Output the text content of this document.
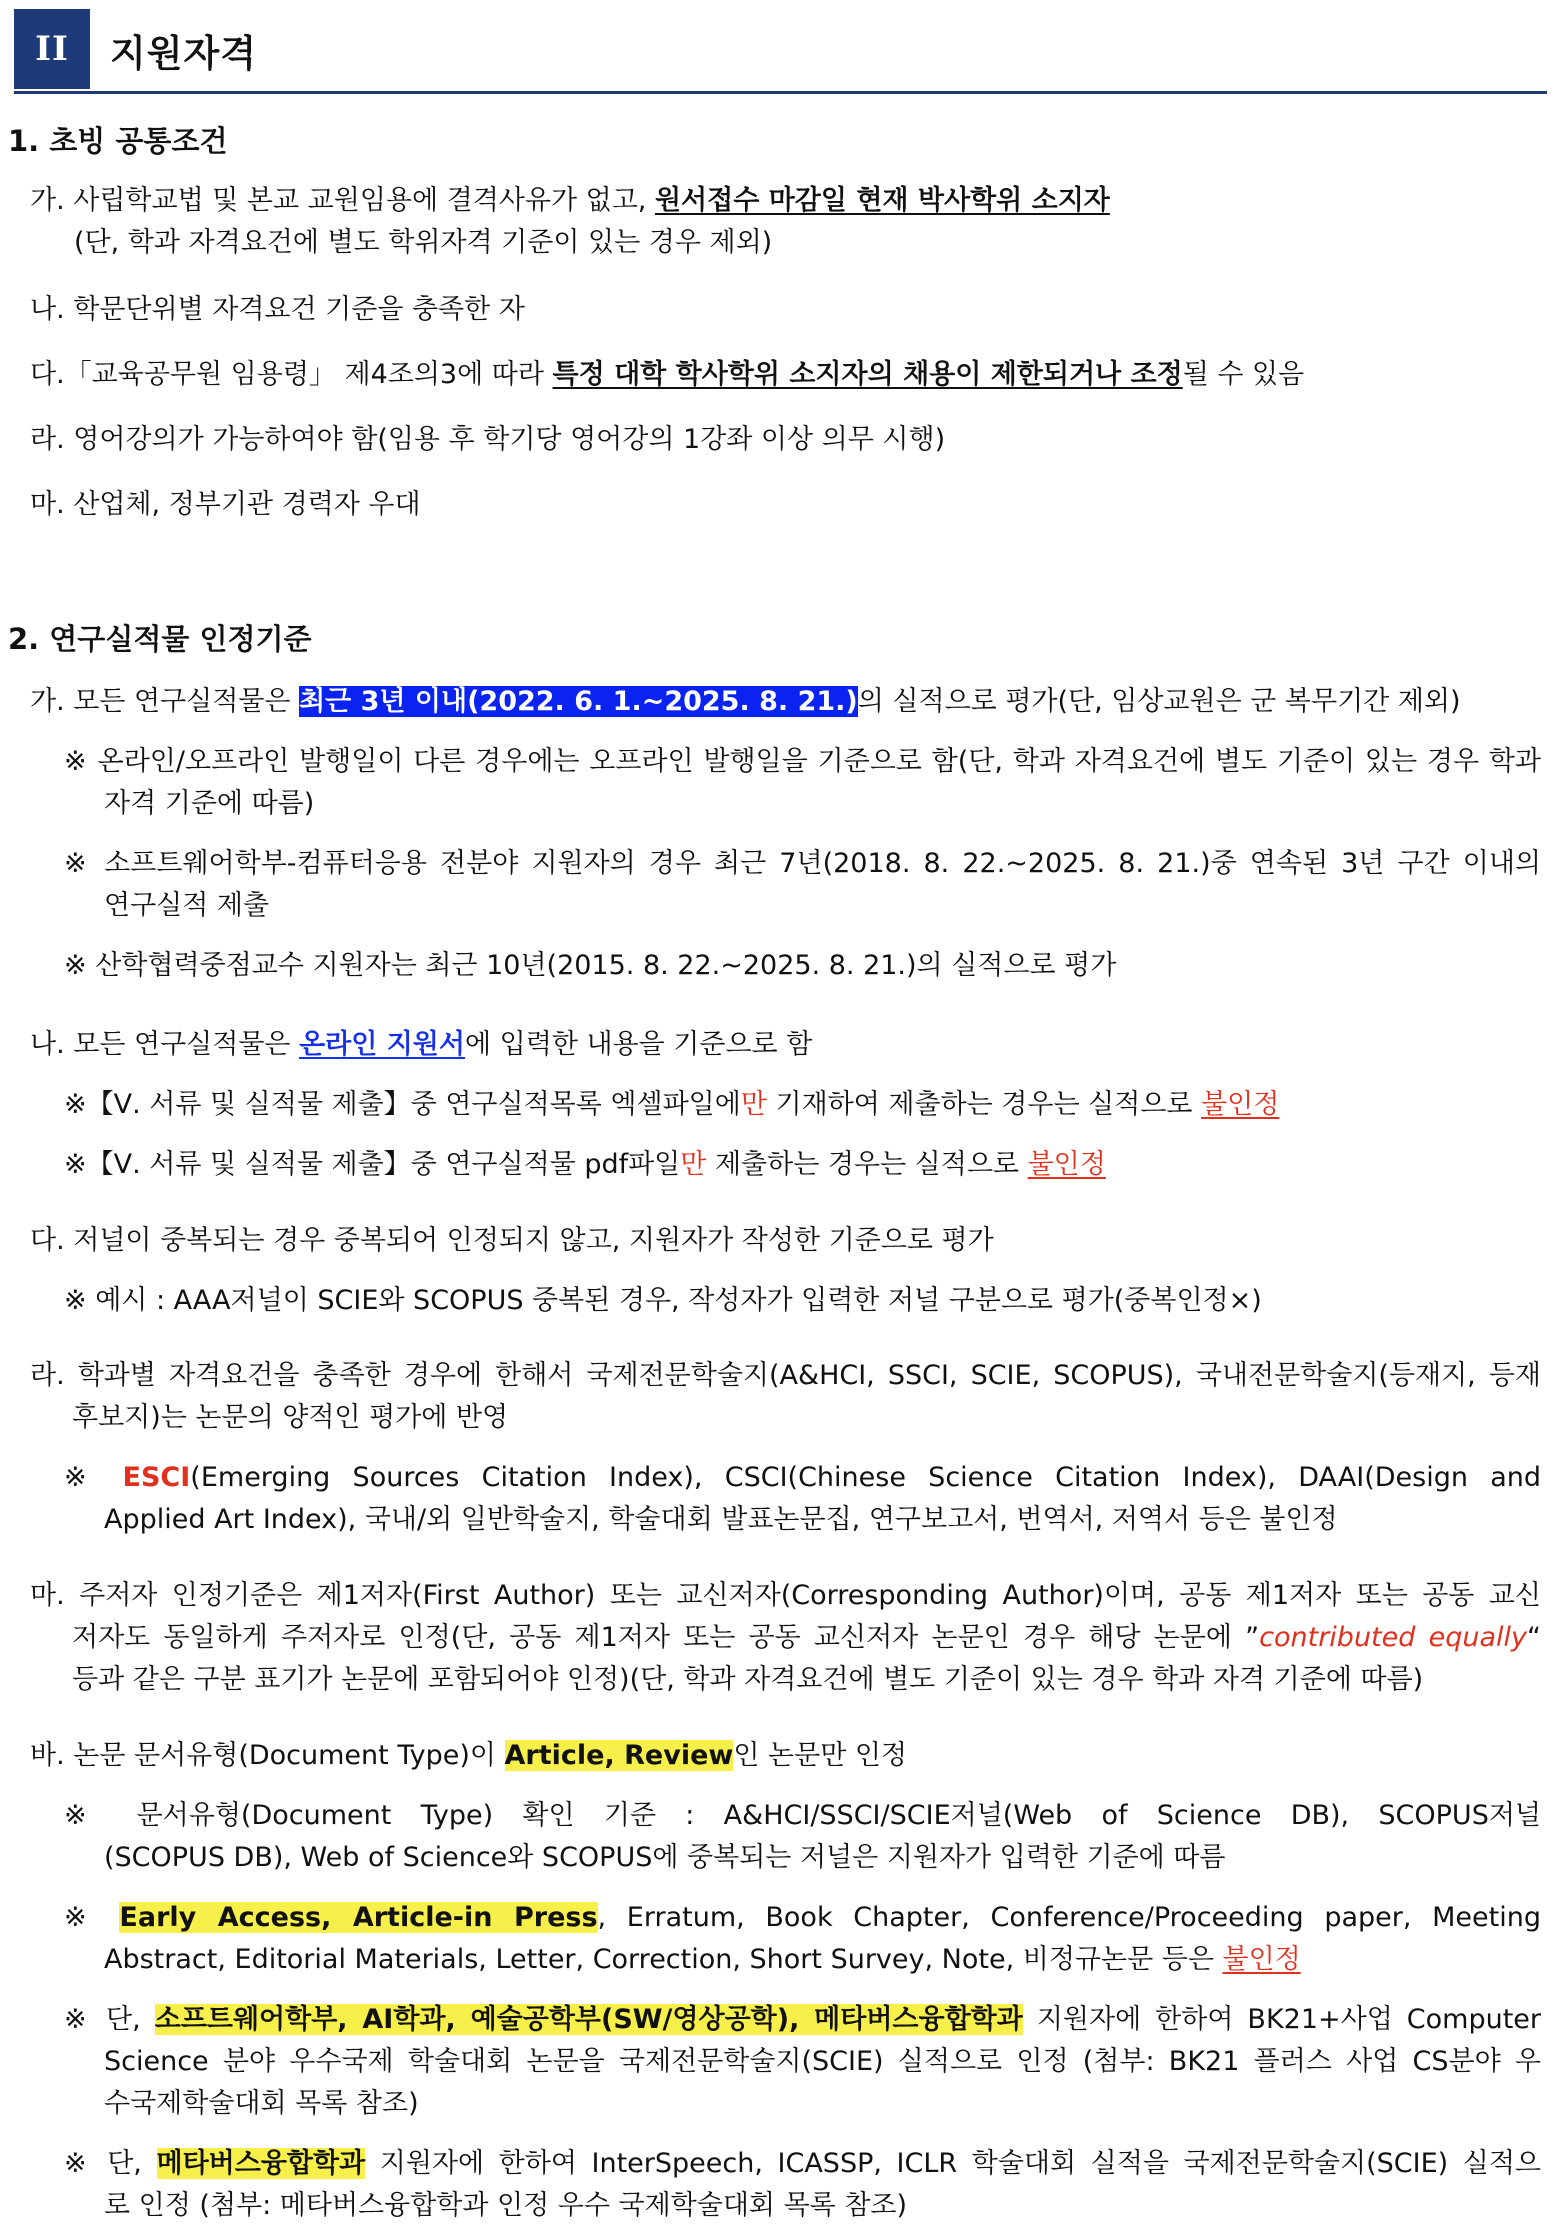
II	지원자격
1. 초빙 공통조건
가. 사립학교법 및 본교 교원임용에 결격사유가 없고, 원서접수 마감일 현재 박사학위 소지자
(단, 학과 자격요건에 별도 학위자격 기준이 있는 경우 제외)
나. 학문단위별 자격요건 기준을 충족한 자
다.「교육공무원 임용령」 제4조의3에 따라 특정 대학 학사학위 소지자의 채용이 제한되거나 조정될 수 있음
라. 영어강의가 가능하여야 함(임용 후 학기당 영어강의 1강좌 이상 의무 시행)
마. 산업체, 정부기관 경력자 우대
2. 연구실적물 인정기준
가. 모든 연구실적물은 최근 3년 이내(2022. 6. 1.~2025. 8. 21.)의 실적으로 평가(단, 임상교원은 군 복무기간 제외)
※ 온라인/오프라인 발행일이 다른 경우에는 오프라인 발행일을 기준으로 함(단, 학과 자격요건에 별도 기준이 있는 경우 학과
자격 기준에 따름)
※ 소프트웨어학부-컴퓨터응용 전분야 지원자의 경우 최근 7년(2018. 8. 22.~2025. 8. 21.)중 연속된 3년 구간 이내의
연구실적 제출
※ 산학협력중점교수 지원자는 최근 10년(2015. 8. 22.~2025. 8. 21.)의 실적으로 평가
나. 모든 연구실적물은 온라인 지원서에 입력한 내용을 기준으로 함
※【Ⅴ. 서류 및 실적물 제출】중 연구실적목록 엑셀파일에만 기재하여 제출하는 경우는 실적으로 불인정
※【Ⅴ. 서류 및 실적물 제출】중 연구실적물 pdf파일만 제출하는 경우는 실적으로 불인정
다. 저널이 중복되는 경우 중복되어 인정되지 않고, 지원자가 작성한 기준으로 평가
※ 예시 : AAA저널이 SCIE와 SCOPUS 중복된 경우, 작성자가 입력한 저널 구분으로 평가(중복인정×)
라. 학과별 자격요건을 충족한 경우에 한해서 국제전문학술지(A&HCI, SSCI, SCIE, SCOPUS), 국내전문학술지(등재지, 등재
후보지)는 논문의 양적인 평가에 반영
※ ESCI(Emerging Sources Citation Index), CSCI(Chinese Science Citation Index), DAAI(Design and
Applied Art Index), 국내/외 일반학술지, 학술대회 발표논문집, 연구보고서, 번역서, 저역서 등은 불인정
마. 주저자 인정기준은 제1저자(First Author) 또는 교신저자(Corresponding Author)이며, 공동 제1저자 또는 공동 교신
저자도 동일하게 주저자로 인정(단, 공동 제1저자 또는 공동 교신저자 논문인 경우 해당 논문에 ”contributed equally“
등과 같은 구분 표기가 논문에 포함되어야 인정)(단, 학과 자격요건에 별도 기준이 있는 경우 학과 자격 기준에 따름)
바. 논문 문서유형(Document Type)이 Article, Review인 논문만 인정
※ 문서유형(Document Type) 확인 기준 : A&HCI/SSCI/SCIE저널(Web of Science DB), SCOPUS저널
(SCOPUS DB), Web of Science와 SCOPUS에 중복되는 저널은 지원자가 입력한 기준에 따름
※ Early Access, Article-in Press, Erratum, Book Chapter, Conference/Proceeding paper, Meeting
Abstract, Editorial Materials, Letter, Correction, Short Survey, Note, 비정규논문 등은 불인정
※ 단, 소프트웨어학부, AI학과, 예술공학부(SW/영상공학), 메타버스융합학과 지원자에 한하여 BK21+사업 Computer
Science 분야 우수국제 학술대회 논문을 국제전문학술지(SCIE) 실적으로 인정 (첨부: BK21 플러스 사업 CS분야 우
수국제학술대회 목록 참조)
※ 단, 메타버스융합학과 지원자에 한하여 InterSpeech, ICASSP, ICLR 학술대회 실적을 국제전문학술지(SCIE) 실적으
로 인정 (첨부: 메타버스융합학과 인정 우수 국제학술대회 목록 참조)
